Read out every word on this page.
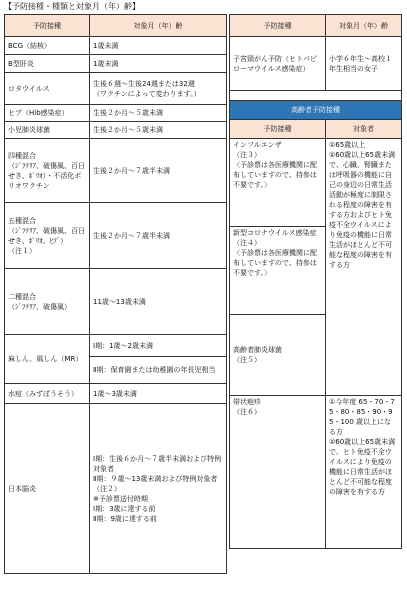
【予防接種・種類と対象月（年）齢】
予防接種	対象月（年）齢
BCG（結核）	1歳未満
B型肝炎	1歳未満
ロタウイルス	生後６週～生後24週または32週
（ワクチンによって変わります。）
ヒブ（Hib感染症）	生後２か月～５歳未満
小児肺炎球菌	生後２か月～５歳未満
四種混合
（ｼﾞﾌﾃﾘｱ、破傷風、百日せき、ﾎﾟﾘｵ）・不活化ポリオワクチン	生後２か月～７歳半未満
五種混合
（ｼﾞﾌﾃﾘｱ、破傷風、百日せき、ﾎﾟﾘｵ、ﾋﾌﾞ）
（注１）	生後２か月～７歳半未満
二種混合
（ｼﾞﾌﾃﾘｱ、破傷風）	11歳～13歳未満
麻しん、風しん（MR）	Ⅰ期：1歳～2歳未満
	Ⅱ期：保育園または幼稚園の年長児相当
水痘（みずぼうそう）	1歳～3歳未満
日本脳炎	Ⅰ期：生後６か月～７歳半未満および特例対象者
Ⅱ期：９歳～13歳未満および特例対象者（注２）
※予診票送付時期
Ⅰ期：3歳に達する前
Ⅱ期：9歳に達する前
予防接種	対象月（年）齢
子宮頸がん予防（ヒトパピローマウイルス感染症）	小学６年生～高校１年生相当の女子

高齢者予防接種	
予防接種	対象者
インフルエンザ
（注３）
〈予診票は各医療機関に配布していますので、持参は不要です。〉	①65歳以上
②60歳以上65歳未満で、心臓、腎臓または呼吸器の機能に自己の身辺の日常生活活動が極度に制限される程度の障害を有する方およびヒト免疫不全ウイルスにより免疫の機能に日常生活がほとんど不可能な程度の障害を有する方
新型コロナウイルス感染症
（注４）
〈予診票は各医療機関に配布していますので、持参は不要です。〉	
高齢者肺炎球菌
（注５）	
帯状疱疹
（注６）	①今年度 65・70・75・80・85・90・95・100 歳以上になる方
②60歳以上65歳未満で、ヒト免疫不全ウイルスにより免疫の機能に日常生活がほとんど不可能な程度の障害を有する方
